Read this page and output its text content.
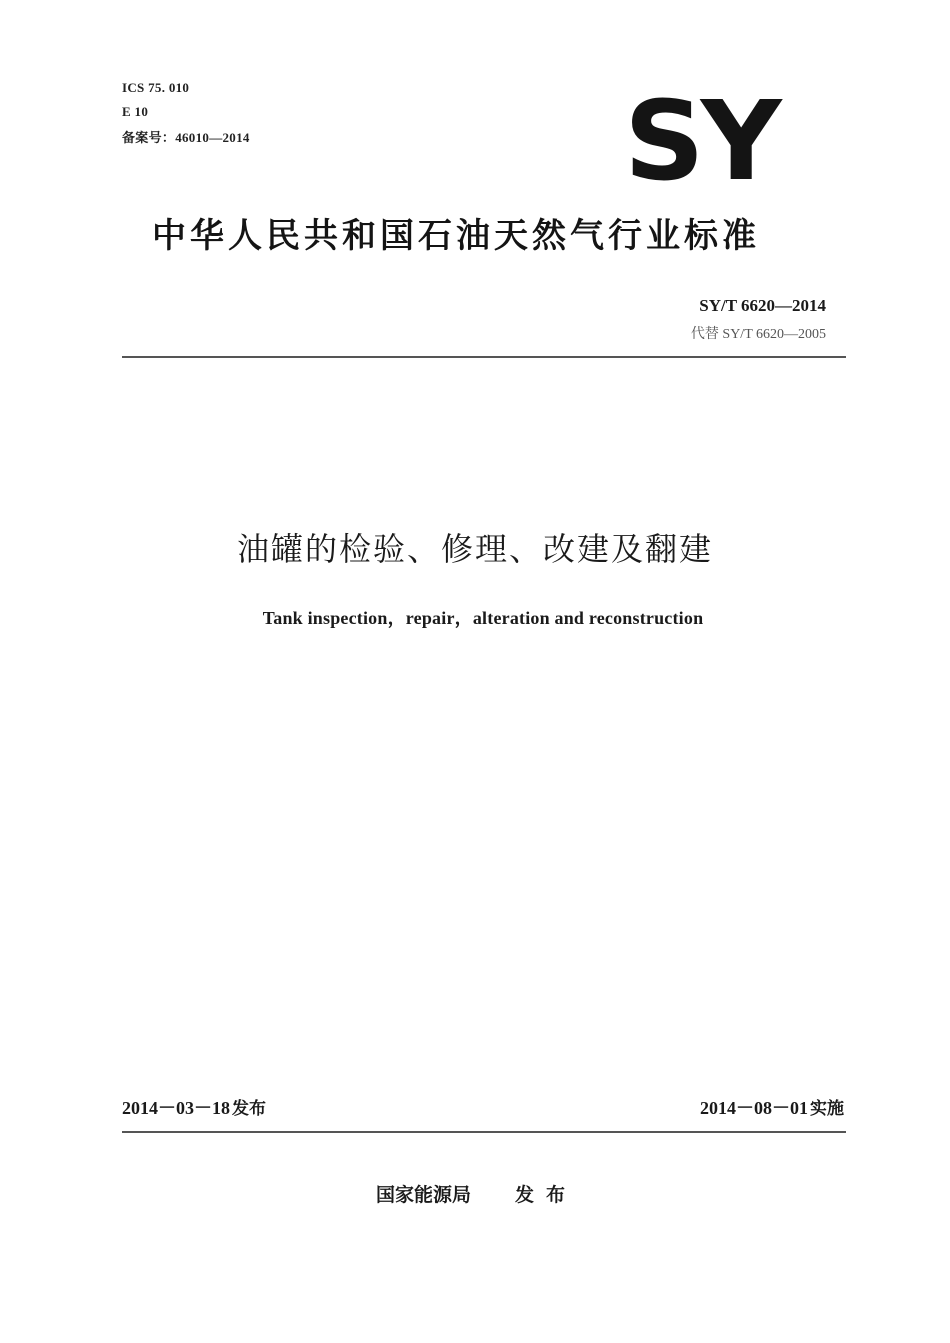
ICS 75. 010
E 10
备案号：46010—2014	SY
中华人民共和国石油天然气行业标准
SY/T 6620—2014
代替 SY/T 6620—2005
油罐的检验、修理、改建及翻建
Tank inspection，repair，alteration and reconstruction
2014－03－18 发布	2014－08－01 实施
国家能源局 发布
